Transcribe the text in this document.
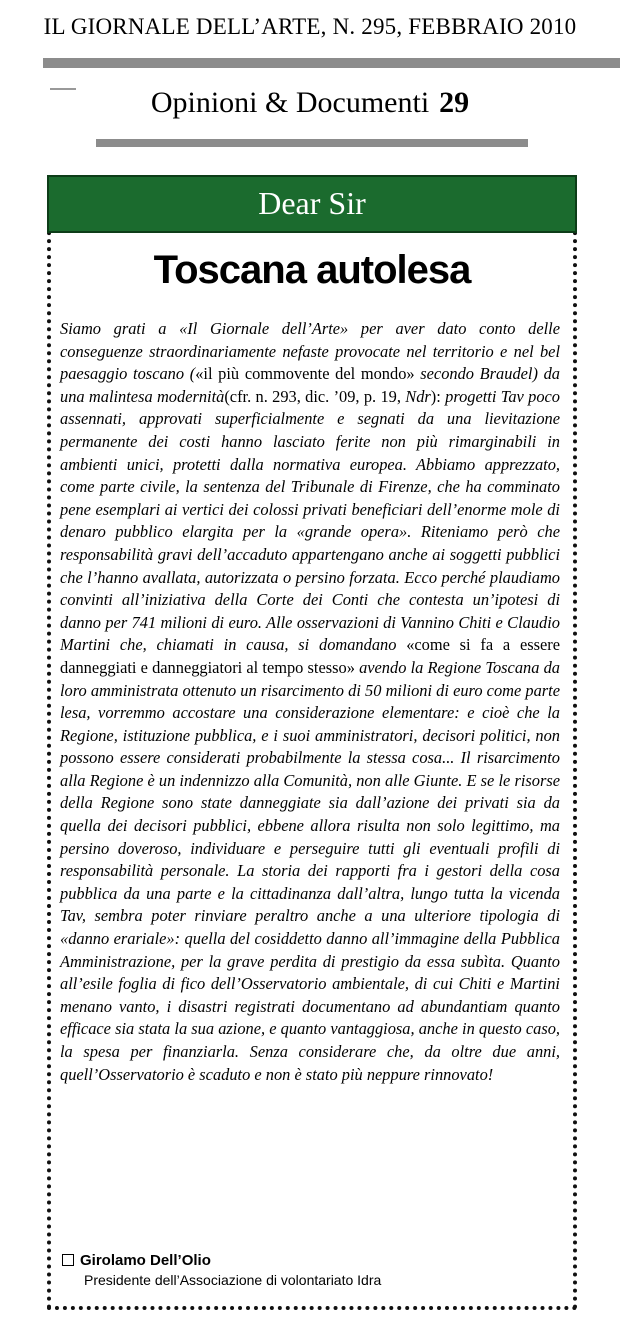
IL GIORNALE DELL’ARTE, N. 295, FEBBRAIO 2010
Opinioni & Documenti 29
Dear Sir
Toscana autolesa
Siamo grati a «Il Giornale dell’Arte» per aver dato conto delle conseguenze straordinariamente nefaste provocate nel territorio e nel bel paesaggio toscano («il più commovente del mondo» secondo Braudel) da una malintesa modernità(cfr. n. 293, dic. ’09, p. 19, Ndr): progetti Tav poco assennati, approvati superficialmente e segnati da una lievitazione permanente dei costi hanno lasciato ferite non più rimarginabili in ambienti unici, protetti dalla normativa europea. Abbiamo apprezzato, come parte civile, la sentenza del Tribunale di Firenze, che ha comminato pene esemplari ai vertici dei colossi privati beneficiari dell’enorme mole di denaro pubblico elargita per la «grande opera». Riteniamo però che responsabilità gravi dell’accaduto appartengano anche ai soggetti pubblici che l’hanno avallata, autorizzata o persino forzata. Ecco perché plaudiamo convinti all’iniziativa della Corte dei Conti che contesta un’ipotesi di danno per 741 milioni di euro. Alle osservazioni di Vannino Chiti e Claudio Martini che, chiamati in causa, si domandano «come si fa a essere danneggiati e danneggiatori al tempo stesso» avendo la Regione Toscana da loro amministrata ottenuto un risarcimento di 50 milioni di euro come parte lesa, vorremmo accostare una considerazione elementare: e cioè che la Regione, istituzione pubblica, e i suoi amministratori, decisori politici, non possono essere considerati probabilmente la stessa cosa... Il risarcimento alla Regione è un indennizzo alla Comunità, non alle Giunte. E se le risorse della Regione sono state danneggiate sia dall’azione dei privati sia da quella dei decisori pubblici, ebbene allora risulta non solo legittimo, ma persino doveroso, individuare e perseguire tutti gli eventuali profili di responsabilità personale. La storia dei rapporti fra i gestori della cosa pubblica da una parte e la cittadinanza dall’altra, lungo tutta la vicenda Tav, sembra poter rinviare peraltro anche a una ulteriore tipologia di «danno erariale»: quella del cosiddetto danno all’immagine della Pubblica Amministrazione, per la grave perdita di prestigio da essa subìta. Quanto all’esile foglia di fico dell’Osservatorio ambientale, di cui Chiti e Martini menano vanto, i disastri registrati documentano ad abundantiam quanto efficace sia stata la sua azione, e quanto vantaggiosa, anche in questo caso, la spesa per finanziarla. Senza considerare che, da oltre due anni, quell’Osservatorio è scaduto e non è stato più neppure rinnovato!
Girolamo Dell’Olio
Presidente dell’Associazione di volontariato Idra
